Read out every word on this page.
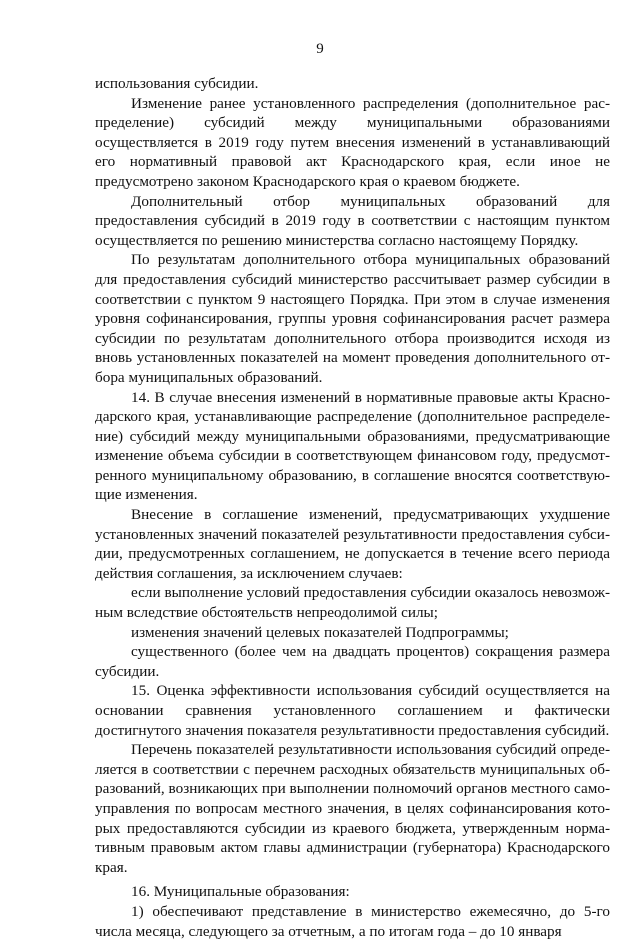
9

использования субсидии.

Изменение ранее установленного распределения (дополнительное распределение) субсидий между муниципальными образованиями осуществляется в 2019 году путем внесения изменений в устанавливающий его нормативный правовой акт Краснодарского края, если иное не предусмотрено законом Краснодарского края о краевом бюджете.

Дополнительный отбор муниципальных образований для предоставления субсидий в 2019 году в соответствии с настоящим пунктом осуществляется по решению министерства согласно настоящему Порядку.

По результатам дополнительного отбора муниципальных образований для предоставления субсидий министерство рассчитывает размер субсидии в соответствии с пунктом 9 настоящего Порядка. При этом в случае изменения уровня софинансирования, группы уровня софинансирования расчет размера субсидии по результатам дополнительного отбора производится исходя из вновь установленных показателей на момент проведения дополнительного отбора муниципальных образований.

14. В случае внесения изменений в нормативные правовые акты Краснодарского края, устанавливающие распределение (дополнительное распределение) субсидий между муниципальными образованиями, предусматривающие изменение объема субсидии в соответствующем финансовом году, предусмотренного муниципальному образованию, в соглашение вносятся соответствующие изменения.

Внесение в соглашение изменений, предусматривающих ухудшение установленных значений показателей результативности предоставления субсидии, предусмотренных соглашением, не допускается в течение всего периода действия соглашения, за исключением случаев:

если выполнение условий предоставления субсидии оказалось невозможным вследствие обстоятельств непреодолимой силы;

изменения значений целевых показателей Подпрограммы;

существенного (более чем на двадцать процентов) сокращения размера субсидии.

15. Оценка эффективности использования субсидий осуществляется на основании сравнения установленного соглашением и фактически достигнутого значения показателя результативности предоставления субсидий.

Перечень показателей результативности использования субсидий определяется в соответствии с перечнем расходных обязательств муниципальных образований, возникающих при выполнении полномочий органов местного самоуправления по вопросам местного значения, в целях софинансирования которых предоставляются субсидии из краевого бюджета, утвержденным нормативным правовым актом главы администрации (губернатора) Краснодарского края.

16. Муниципальные образования:

1) обеспечивают представление в министерство ежемесячно, до 5-го числа месяца, следующего за отчетным, а по итогам года – до 10 января
